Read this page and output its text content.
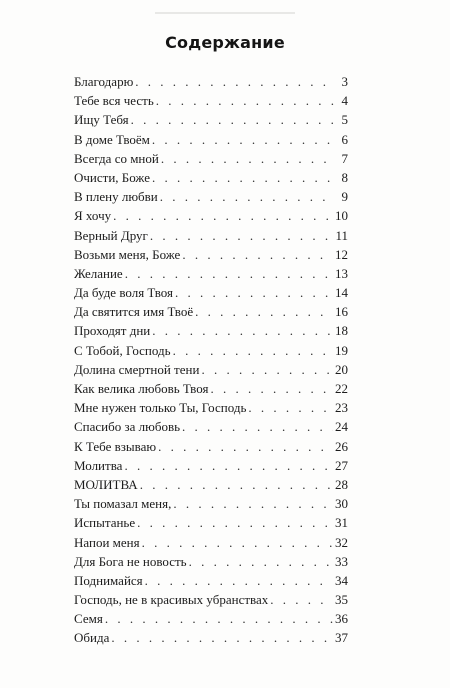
Содержание
Благодарю . . .	3
Тебе вся честь . . .	4
Ищу Тебя . . .	5
В доме Твоём . . .	6
Всегда со мной . . .	7
Очисти, Боже . . .	8
В плену любви . . .	9
Я хочу . . .	10
Верный Друг . . .	11
Возьми меня, Боже . . .	12
Желание . . .	13
Да буде воля Твоя . . .	14
Да святится имя Твоё . . .	16
Проходят дни . . .	18
С Тобой, Господь . . .	19
Долина смертной тени . . .	20
Как велика любовь Твоя . . .	22
Мне нужен только Ты, Господь . . .	23
Спасибо за любовь . . .	24
К Тебе взываю . . .	26
Молитва . . .	27
МОЛИТВА . . .	28
Ты помазал меня, . . .	30
Испытанье . . .	31
Напои меня . . .	32
Для Бога не новость . . .	33
Поднимайся . . .	34
Господь, не в красивых убранствах . . .	35
Семя . . .	36
Обида . . .	37
